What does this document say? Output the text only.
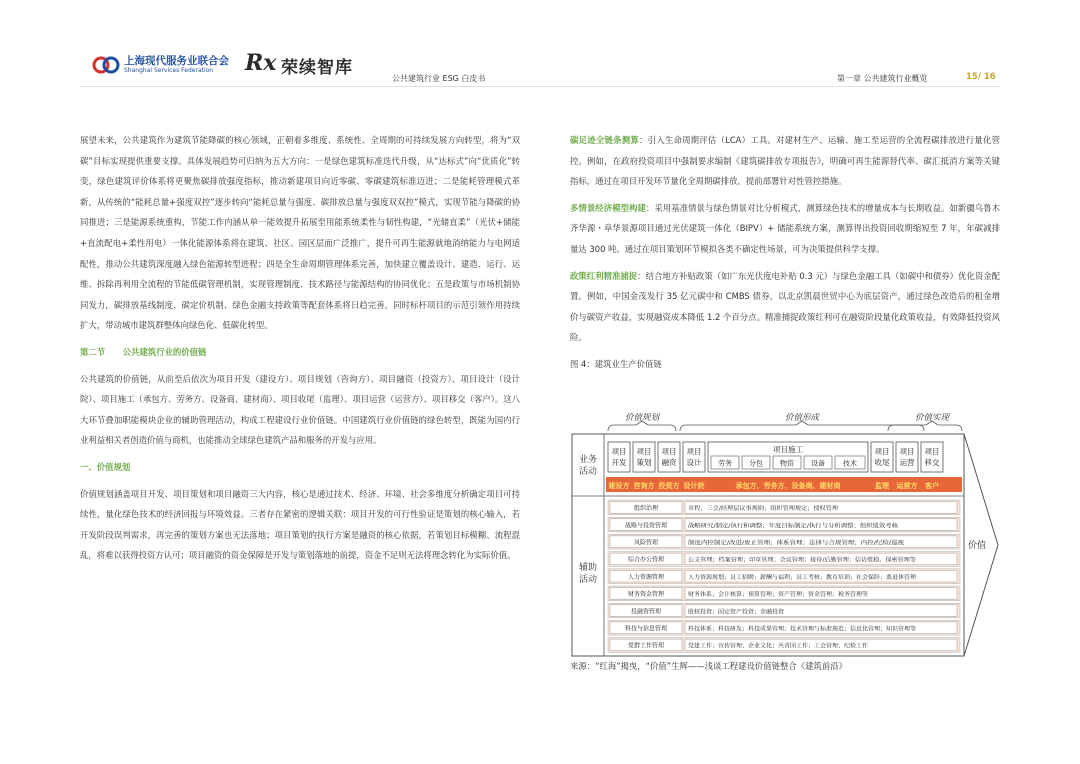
上海现代服务业联合会
Shanghai Services Federation Rx 荣续智库
公共建筑行业 ESG 白皮书	第一章 公共建筑行业概览	15/ 16

展望未来，公共建筑作为建筑节能降碳的核心领域，正朝着多维度、系统性、全周期的可持续发展方向转型，将为“双碳”目标实现提供重要支撑。具体发展趋势可归纳为五大方向：一是绿色建筑标准迭代升级，从“达标式”向“优质化”转变，绿色建筑评价体系将更聚焦碳排放强度指标，推动新建项目向近零碳、零碳建筑标准迈进；二是能耗管理模式革新，从传统的“能耗总量+强度双控”逐步转向“能耗总量与强度、碳排放总量与强度双双控”模式，实现节能与降碳的协同推进；三是能源系统重构，节能工作内涵从单一能效提升拓展至用能系统柔性与韧性构建，“光储直柔”（光伏+储能+直流配电+柔性用电）一体化能源体系将在建筑、社区、园区层面广泛推广，提升可再生能源就地消纳能力与电网适配性，推动公共建筑深度融入绿色能源转型进程；四是全生命周期管理体系完善，加快建立覆盖设计、建造、运行、运维、拆除再利用全流程的节能低碳管理机制，实现管理制度、技术路径与能源结构的协同优化；五是政策与市场机制协同发力，碳排放基线制度、碳定价机制、绿色金融支持政策等配套体系将日趋完善，同时标杆项目的示范引领作用持续扩大，带动城市建筑群整体向绿色化、低碳化转型。

第二节      公共建筑行业的价值链

公共建筑的价值链，从前至后依次为项目开发（建设方）、项目规划（咨询方）、项目融资（投资方）、项目设计（设计院）、项目施工（承包方、劳务方、设备商、建材商）、项目收尾（监理）、项目运营（运营方）、项目移交（客户）。这八大环节叠加职能模块企业的辅助管理活动，构成工程建设行业价值链。中国建筑行业价值链的绿色转型，既能为国内行业利益相关者创造价值与商机，也能推动全球绿色建筑产品和服务的开发与应用。

一、价值规划

价值规划涵盖项目开发、项目策划和项目融资三大内容，核心是通过技术、经济、环境、社会多维度分析确定项目可持续性，量化绿色技术的经济回报与环境效益。三者存在紧密的逻辑关联：项目开发的可行性验证是策划的核心输入，若开发阶段误判需求，再完善的策划方案也无法落地；项目策划的执行方案是融资的核心依据，若策划目标模糊、流程混乱，将难以获得投资方认可；项目融资的资金保障是开发与策划落地的前提，资金不足则无法将理念转化为实际价值。

碳足迹全链条测算：引入生命周期评估（LCA）工具。对建材生产、运输、施工至运营的全流程碳排放进行量化管控。例如，在政府投资项目中强制要求编制《建筑碳排放专项报告》，明确可再生能源替代率、碳汇抵消方案等关键指标，通过在项目开发环节量化全周期碳排放，提前部署针对性管控措施。

多情景经济模型构建：采用基准情景与绿色情景对比分析模式，测算绿色技术的增量成本与长期收益。如新疆乌鲁木齐华源・阜华景源项目通过光伏建筑一体化（BIPV）+ 储能系统方案，测算得出投资回收期缩短至 7 年，年碳减排量达 300 吨。通过在项目策划环节模拟各类不确定性场景，可为决策提供科学支撑。

政策红利精准捕捉：结合地方补贴政策（如广东光伏度电补贴 0.3 元）与绿色金融工具（如碳中和债券）优化资金配置。例如，中国金茂发行 35 亿元碳中和 CMBS 债券，以北京凯晨世贸中心为底层资产，通过绿色改造后的租金增价与碳资产收益，实现融资成本降低 1.2 个百分点。精准捕捉政策红利可在融资阶段量化政策收益，有效降低投资风险。

图 4：建筑业生产价值链

价值规划	价值形成	价值实现
价值
业务
活动
辅助
活动
项目
开发
项目
策划
项目
融资
项目
设计
项目施工
劳务 分包 物资 设备	技术
项目
收尾
项目
运营
项目
移交
建设方 咨询方 投资方 设计院	承包方、劳务方、设备商、建材商	监理 运营方 客户
组织治理	章程；三会/经理层议事规则；组织管理规定；授权管理
战略与投资管理	战略研究/制定/执行和调整；年度目标制定/执行与分析调整；组织绩效考核
风险管理	制度内控制定/改进/废止管理；体系管理；法律与合规管理；内控/纪检/巡视
综合办公管理	公文管理；档案管理；印章管理；会议管理；接待/后勤管理；信访维稳、保密管理等
人力资源管理	人力资源规划；员工招聘；薪酬与福利；员工考核；教育培训；社会保险；离退休管理
财务资金管理	财务体系；会计核算；预算管理；资产管理；资金管理；税务管理等
投融资管理	股权投资；固定资产投资；金融投资
科技与信息管理	科技体系；科技研发；科技成果管理；技术管理与标准规范；信息化管理；知识管理等
党群工作管理	党建工作；宣传管理；企业文化；共青团工作；工会管理；纪检工作
来源：“红海”揭曳，“价值”生辉——浅谈工程建设价值链整合《建筑前沿》
